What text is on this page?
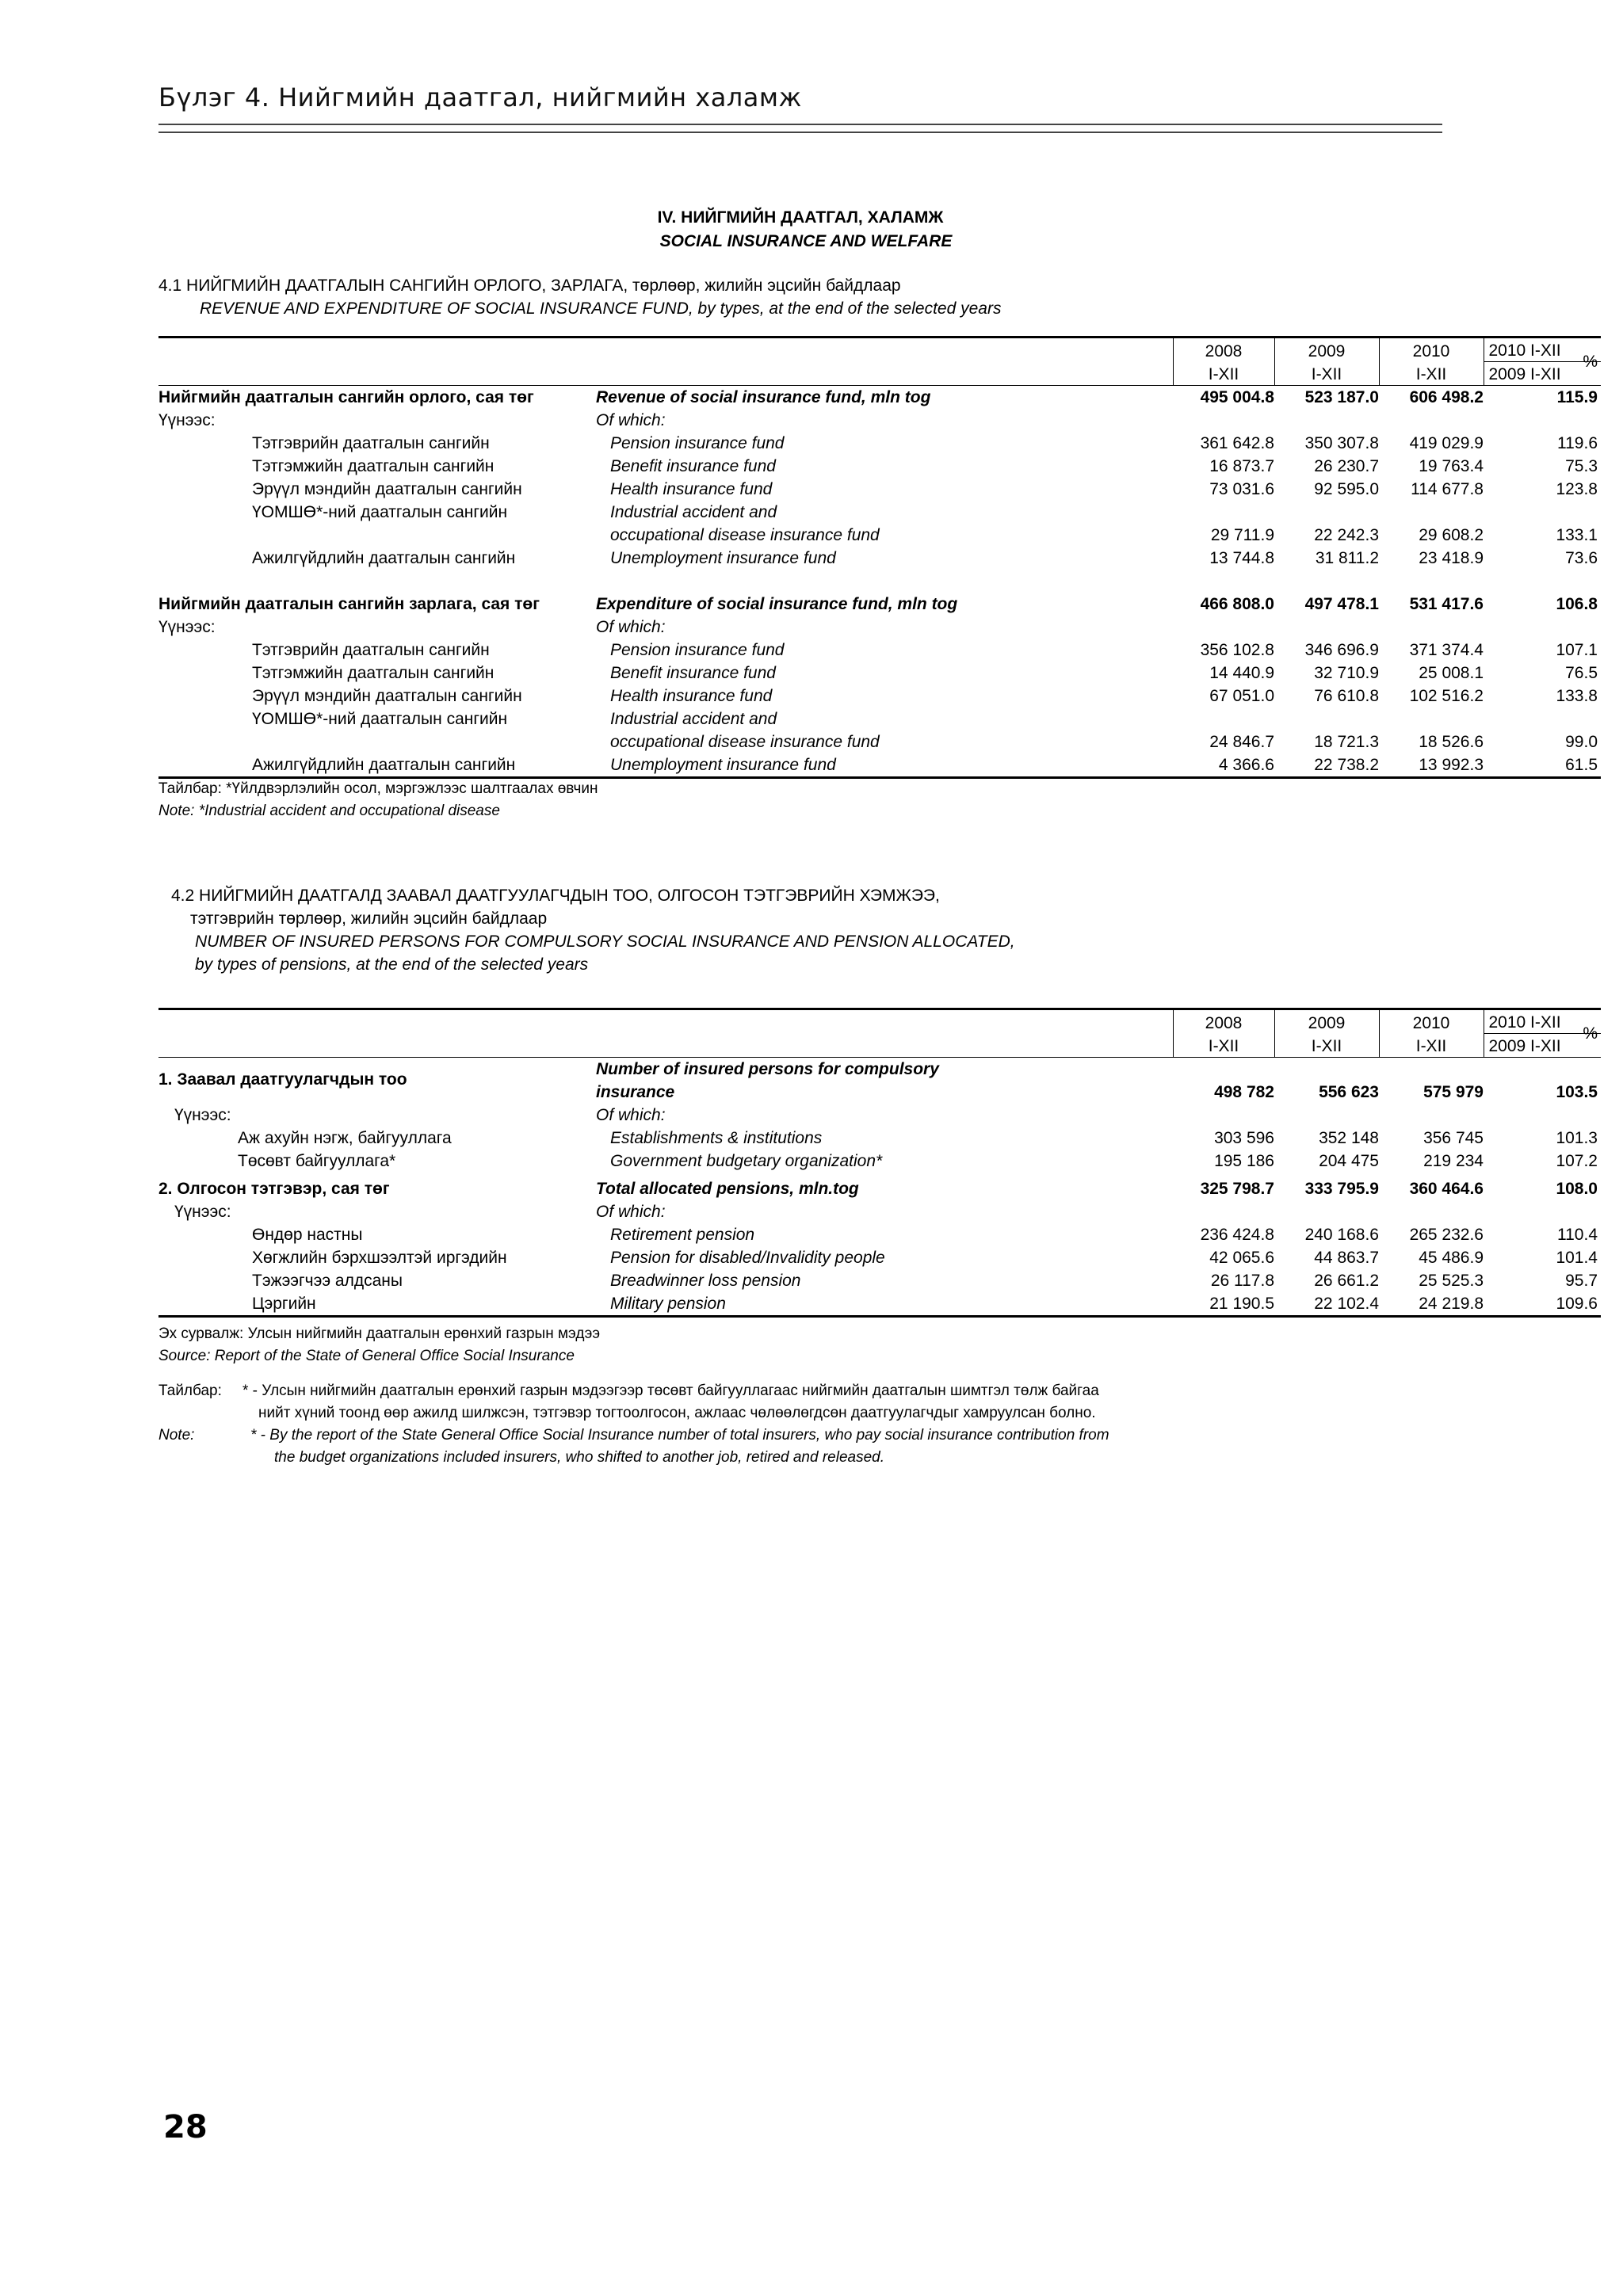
Бүлэг 4. Нийгмийн даатгал, нийгмийн халамж
IV. НИЙГМИЙН ДААТГАЛ, ХАЛАМЖ
SOCIAL INSURANCE AND WELFARE
4.1 НИЙГМИЙН ДААТГАЛЫН САНГИЙН ОРЛОГО, ЗАРЛАГА, төрлөөр, жилийн эцсийн байдлаар
REVENUE AND EXPENDITURE OF SOCIAL INSURANCE FUND, by types, at the end of the selected years
		2008	2009	2010	2010 I-XII
		I-XII	I-XII	I-XII	2009 I-XII
%

Нийгмийн даатгалын сангийн орлого, сая төг	Revenue of social insurance fund, mln tog	495 004.8	523 187.0	606 498.2	115.9
Үүнээс:	Of which:				
Тэтгэврийн даатгалын сангийн	Pension insurance fund	361 642.8	350 307.8	419 029.9	119.6
Тэтгэмжийн даатгалын сангийн	Benefit insurance fund	16 873.7	26 230.7	19 763.4	75.3
Эрүүл мэндийн даатгалын сангийн	Health insurance fund	73 031.6	92 595.0	114 677.8	123.8
ҮОМШӨ*-ний даатгалын сангийн	Industrial accident and				
	occupational disease insurance fund	29 711.9	22 242.3	29 608.2	133.1
Ажилгүйдлийн даатгалын сангийн	Unemployment insurance fund	13 744.8	31 811.2	23 418.9	73.6

Нийгмийн даатгалын сангийн зарлага, сая төг	Expenditure of social insurance fund, mln tog	466 808.0	497 478.1	531 417.6	106.8
Үүнээс:	Of which:				
Тэтгэврийн даатгалын сангийн	Pension insurance fund	356 102.8	346 696.9	371 374.4	107.1
Тэтгэмжийн даатгалын сангийн	Benefit insurance fund	14 440.9	32 710.9	25 008.1	76.5
Эрүүл мэндийн даатгалын сангийн	Health insurance fund	67 051.0	76 610.8	102 516.2	133.8
ҮОМШӨ*-ний даатгалын сангийн	Industrial accident and				
	occupational disease insurance fund	24 846.7	18 721.3	18 526.6	99.0
Ажилгүйдлийн даатгалын сангийн	Unemployment insurance fund	4 366.6	22 738.2	13 992.3	61.5
Тайлбар: *Үйлдвэрлэлийн осол, мэргэжлээс шалтгаалах өвчин
Note: *Industrial accident and occupational disease
4.2 НИЙГМИЙН ДААТГАЛД ЗААВАЛ ДААТГУУЛАГЧДЫН ТОО, ОЛГОСОН ТЭТГЭВРИЙН ХЭМЖЭЭ,
тэтгэврийн төрлөөр, жилийн эцсийн байдлаар
NUMBER OF INSURED PERSONS FOR COMPULSORY SOCIAL INSURANCE AND PENSION ALLOCATED,
by types of pensions, at the end of the selected years
		2008	2009	2010	2010 I-XII
		I-XII	I-XII	I-XII	2009 I-XII
%

	Number of insured persons for compulsory				

1. Заавал даатгуулагчдын тоо	insurance	498 782	556 623	575 979	103.5
Үүнээс:	Of which:				
Аж ахуйн нэгж, байгууллага	Establishments & institutions	303 596	352 148	356 745	101.3
Төсөвт байгууллага*	Government budgetary organization*	195 186	204 475	219 234	107.2

2. Олгосон тэтгэвэр, сая төг	Total allocated pensions, mln.tog	325 798.7	333 795.9	360 464.6	108.0
Үүнээс:	Of which:				
Өндөр настны	Retirement pension	236 424.8	240 168.6	265 232.6	110.4
Хөгжлийн бэрхшээлтэй иргэдийн	Pension for disabled/Invalidity people	42 065.6	44 863.7	45 486.9	101.4
Тэжээгчээ алдсаны	Breadwinner loss pension	26 117.8	26 661.2	25 525.3	95.7
Цэргийн	Military pension	21 190.5	22 102.4	24 219.8	109.6
Эх сурвалж: Улсын нийгмийн даатгалын ерөнхий газрын мэдээ
Source: Report of the State of General Office Social Insurance
Тайлбар:	* - Улсын нийгмийн даатгалын ерөнхий газрын мэдээгээр төсөвт байгууллагаас нийгмийн даатгалын шимтгэл төлж байгаа
нийт хүний тоонд өөр ажилд шилжсэн, тэтгэвэр тогтоолгосон, ажлаас чөлөөлөгдсөн даатгуулагчдыг хамруулсан болно.
Note:	* - By the report of the State General Office Social Insurance number of total insurers, who pay social insurance contribution from
the budget organizations included insurers, who shifted to another job, retired and released.
28
